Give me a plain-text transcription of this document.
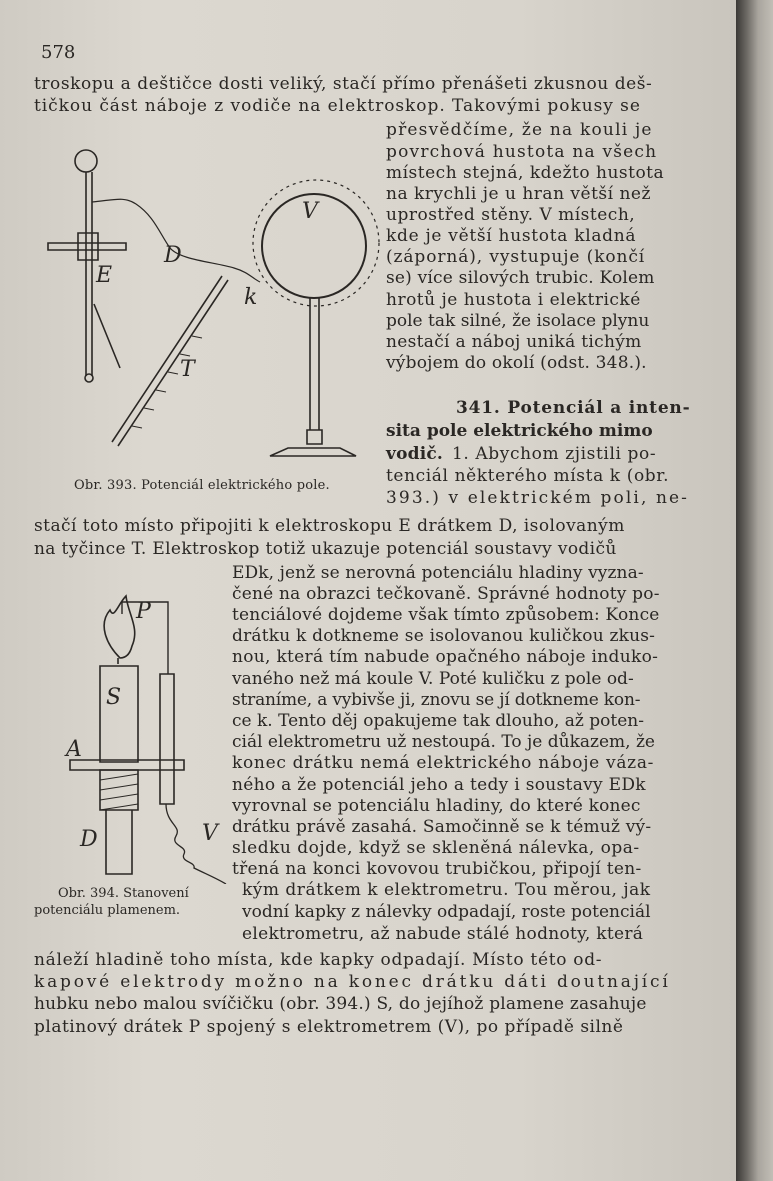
578
troskopu a deštičce dosti veliký, stačí přímo přenášeti zkusnou deš-
tičkou část náboje z vodiče na elektroskop. Takovými pokusy se
přesvědčíme, že na kouli je
povrchová hustota na všech
místech stejná, kdežto hustota
na krychli je u hran větší než
uprostřed stěny. V místech,
kde je větší hustota kladná
(záporná), vystupuje (končí
se) více silových trubic. Kolem
hrotů je hustota i elektrické
pole tak silné, že isolace plynu
nestačí a náboj uniká tichým
výbojem do okolí (odst. 348.).
341. Potenciál a inten-
sita pole elektrického mimo
vodič. 1. Abychom zjistili po-
tenciál některého místa k (obr.
393.) v elektrickém poli, ne-
stačí toto místo připojiti k elektroskopu E drátkem D, isolovaným
na tyčince T. Elektroskop totiž ukazuje potenciál soustavy vodičů
EDk, jenž se nerovná potenciálu hladiny vyzna-
čené na obrazci tečkovaně. Správné hodnoty po-
tenciálové dojdeme však tímto způsobem: Konce
drátku k dotkneme se isolovanou kuličkou zkus-
nou, která tím nabude opačného náboje induko-
vaného než má koule V. Poté kuličku z pole od-
straníme, a vybivše ji, znovu se jí dotkneme kon-
ce k. Tento děj opakujeme tak dlouho, až poten-
ciál elektrometru už nestoupá. To je důkazem, že
konec drátku nemá elektrického náboje váza-
ného a že potenciál jeho a tedy i soustavy EDk
vyrovnal se potenciálu hladiny, do které konec
drátku právě zasahá. Samočinně se k témuž vý-
sledku dojde, když se skleněná nálevka, opa-
třená na konci kovovou trubičkou, připojí ten-
kým drátkem k elektrometru. Tou měrou, jak
vodní kapky z nálevky odpadají, roste potenciál
elektrometru, až nabude stálé hodnoty, která
náleží hladině toho místa, kde kapky odpadají. Místo této od-
kapové elektrody možno na konec drátku dáti doutnající
hubku nebo malou svíčičku (obr. 394.) S, do jejíhož plamene zasahuje
platinový drátek P spojený s elektrometrem (V), po případě silně
Obr. 393. Potenciál elektrického pole.
Obr. 394. Stanovení
potenciálu plamenem.
V
D
E
k
T
P
S
A
D	V
